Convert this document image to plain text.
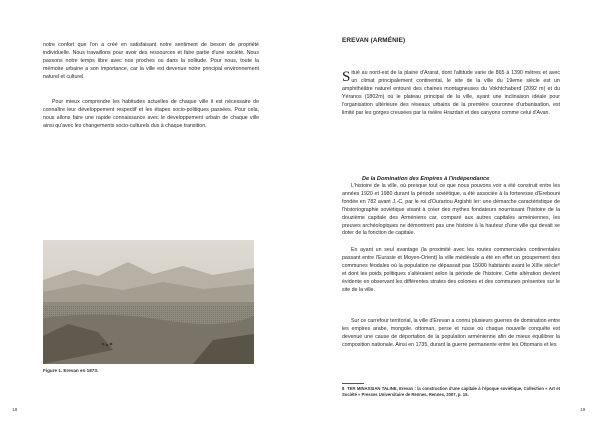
notre confort que l'on a créé en satisfaisant notre sentiment de besoin de propriété individuelle. Nous travaillons pour avoir des ressources et faire partie d'une société. Nous passons notre temps libre avec nos proches ou dans la solitude. Pour nous, toute la mémoire urbaine a son importance, car la ville est devenue notre principal environnement naturel et culturel.

Pour mieux comprendre les habitudes actuelles de chaque ville il est nécessaire de connaître leur développement respectif et les étapes socio-politiques passées. Pour cela, nous allons faire une rapide connaissance avec le développement urbain de chaque ville ainsi qu'avec les changements socio-culturels dus à chaque transition.

Figure 1. Erevan en 1873.
18
EREVAN (ARMÉNIE)

Situé au nord-est de la plaine d'Ararat, dont l'altitude varie de 865 à 1390 mètres et avec un climat principalement continental, le site de la ville du 19eme siècle est un amphithéâtre naturel entouré des chaines montagneuses du Vokhtchaberd (2092 m) et du Yéranos (1802m) où le plateau principal de la ville, ayant une inclinaison idéale pour l'organisation ultérieure des réseaux urbains de la première couronne d'urbanisation, est limité par les gorges creusées par la rivière Hrazdan et des canyons comme celui d'Avan.

De la Domination des Empires à l'indépendance

L'histoire de la ville, où presque tout ce que nous pouvons voir a été construit entre les années 1920 et 1980 durant la période soviétique, a été associée à la forteresse d'Erebouni fondée en 782 avant J.-C, par le roi d'Ourartou Argishti Ier: une démarche caractéristique de l'historiographie soviétique visant à créer des mythes fondateurs nourrissant l'histoire de la douzième capitale des Arméniens car, comparé aux autres capitales arméniennes, les preuves archéologiques ne démontrent pas une histoire à la hauteur d'une ville qui devait se doter de la fonction de capitale.

En ayant un seul avantage (la proximité avec les routes commerciales continentales passant entre l'Eurasie et Moyen-Orient) la ville médiévale a été en effet un groupement des communes féodales où la population ne dépassait pas 15000 habitants avant le XIIIe siècle⁸ et dont les poids politiques s'altéraient selon la période de l'histoire. Cette altération devient évidente en observant les différentes strates des colonies et des communes présentes sur le site de la ville.

Sur ce carrefour territorial, la ville d'Erevan a connu plusieurs guerres de domination entre les empires arabe, mongole, ottoman, perse et russe où chaque nouvelle conquête est devenue une cause de déportation de la population arménienne afin de mieux équilibrer la composition nationale. Ainsi en 1735, durant la guerre permanente entre les Ottomans et les

8 TER MINASSIAN TALINE, Erevan : la construction d'une capitale à l'époque soviétique, Collection « Art et Société » Presses Universitaire de Rennes, Rennes, 2007, p. 15.
19
